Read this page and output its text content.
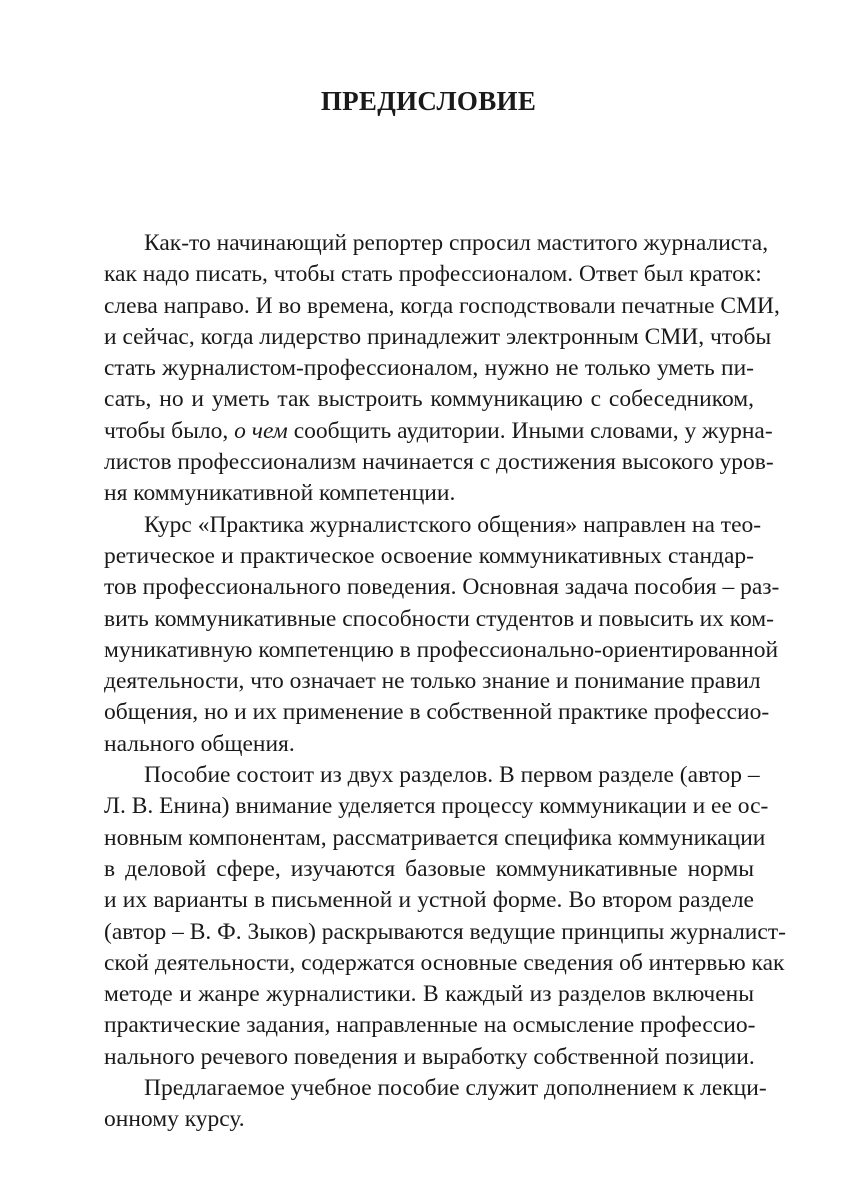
ПРЕДИСЛОВИЕ
Как-то начинающий репортер спросил маститого журналиста,
как надо писать, чтобы стать профессионалом. Ответ был краток:
слева направо. И во времена, когда господствовали печатные СМИ,
и сейчас, когда лидерство принадлежит электронным СМИ, чтобы
стать журналистом-профессионалом, нужно не только уметь пи-
сать, но и уметь так выстроить коммуникацию с собеседником,
чтобы было, о чем сообщить аудитории. Иными словами, у журна-
листов профессионализм начинается с достижения высокого уров-
ня коммуникативной компетенции.
Курс «Практика журналистского общения» направлен на тео-
ретическое и практическое освоение коммуникативных стандар-
тов профессионального поведения. Основная задача пособия – раз-
вить коммуникативные способности студентов и повысить их ком-
муникативную компетенцию в профессионально-ориентированной
деятельности, что означает не только знание и понимание правил
общения, но и их применение в собственной практике профессио-
нального общения.
Пособие состоит из двух разделов. В первом разделе (автор –
Л. В. Енина) внимание уделяется процессу коммуникации и ее ос-
новным компонентам, рассматривается специфика коммуникации
в деловой сфере, изучаются базовые коммуникативные нормы
и их варианты в письменной и устной форме. Во втором разделе
(автор – В. Ф. Зыков) раскрываются ведущие принципы журналист-
ской деятельности, содержатся основные сведения об интервью как
методе и жанре журналистики. В каждый из разделов включены
практические задания, направленные на осмысление профессио-
нального речевого поведения и выработку собственной позиции.
Предлагаемое учебное пособие служит дополнением к лекци-
онному курсу.
